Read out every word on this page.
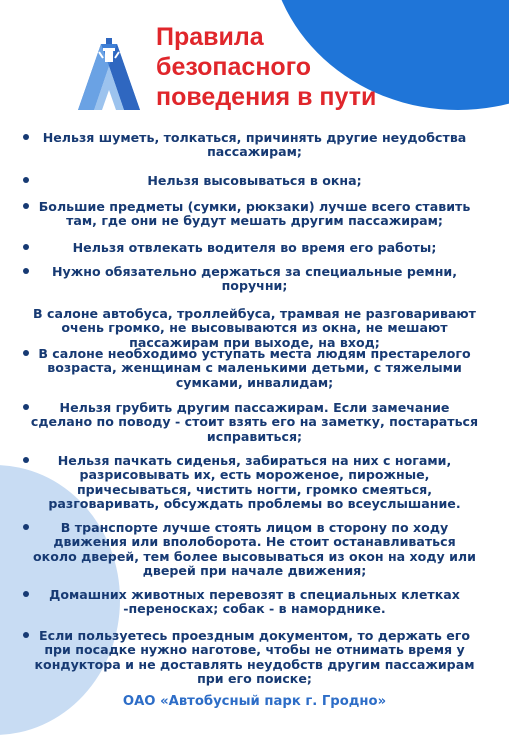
Правила
безопасного
поведения в пути

Нельзя шуметь, толкаться, причинять другие неудобства
пассажирам;

Нельзя высовываться в окна;

Большие предметы (сумки, рюкзаки) лучше всего ставить
там, где они не будут мешать другим пассажирам;

Нельзя отвлекать водителя во время его работы;

Нужно обязательно держаться за специальные ремни,
поручни;

В салоне автобуса, троллейбуса, трамвая не разговаривают
очень громко, не высовываются из окна, не мешают
пассажирам при выходе, на вход;

В салоне необходимо уступать места людям престарелого
возраста, женщинам с маленькими детьми, с тяжелыми
сумками, инвалидам;

Нельзя грубить другим пассажирам. Если замечание
сделано по поводу - стоит взять его на заметку, постараться
исправиться;

Нельзя пачкать сиденья, забираться на них с ногами,
разрисовывать их, есть мороженое, пирожные,
причесываться, чистить ногти, громко смеяться,
разговаривать, обсуждать проблемы во всеуслышание.

В транспорте лучше стоять лицом в сторону по ходу
движения или вполоборота. Не стоит останавливаться
около дверей, тем более высовываться из окон на ходу или
дверей при начале движения;

Домашних животных перевозят в специальных клетках
-переносках; собак - в наморднике.

Если пользуетесь проездным документом, то держать его
при посадке нужно наготове, чтобы не отнимать время у
кондуктора и не доставлять неудобств другим пассажирам
при его поиске;

ОАО «Автобусный парк г. Гродно»
